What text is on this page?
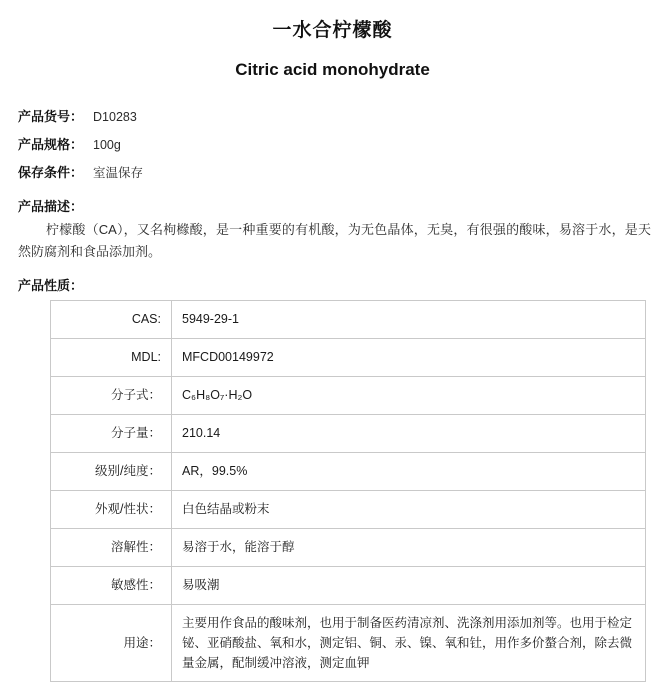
一水合柠檬酸
Citric acid monohydrate
产品货号： D10283
产品规格： 100g
保存条件： 室温保存
产品描述：
柠檬酸（CA），又名枸橼酸，是一种重要的有机酸，为无色晶体，无臭，有很强的酸味，易溶于水，是天然防腐剂和食品添加剂。
产品性质：
CAS:	5949-29-1
MDL:	MFCD00149972
分子式：	C₆H₈O₇·H₂O
分子量：	210.14
级别/纯度：	AR，99.5%
外观/性状：	白色结晶或粉末
溶解性：	易溶于水，能溶于醇
敏感性：	易吸潮
用途：	主要用作食品的酸味剂，也用于制备医药清凉剂、洗涤剂用添加剂等。也用于检定铋、亚硝酸盐、氧和水，测定铝、铜、汞、镍、氧和钍，用作多价螯合剂，除去微量金属，配制缓冲溶液，测定血钾
